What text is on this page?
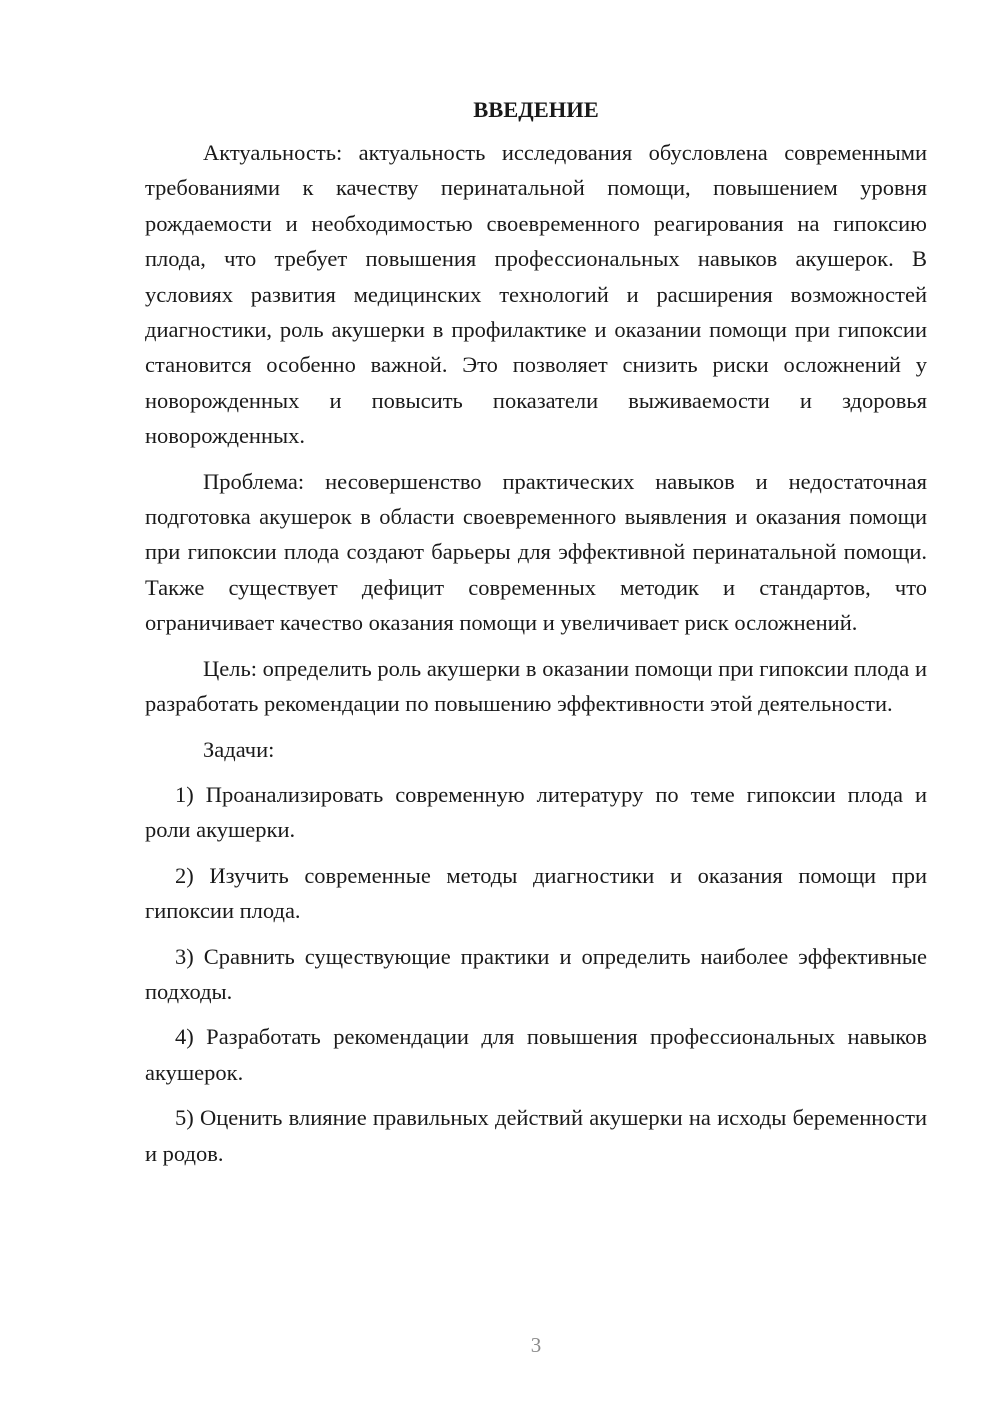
ВВЕДЕНИЕ

Актуальность: актуальность исследования обусловлена современными требованиями к качеству перинатальной помощи, повышением уровня рождаемости и необходимостью своевременного реагирования на гипоксию плода, что требует повышения профессиональных навыков акушерок. В условиях развития медицинских технологий и расширения возможностей диагностики, роль акушерки в профилактике и оказании помощи при гипоксии становится особенно важной. Это позволяет снизить риски осложнений у новорожденных и повысить показатели выживаемости и здоровья новорожденных.

Проблема: несовершенство практических навыков и недостаточная подготовка акушерок в области своевременного выявления и оказания помощи при гипоксии плода создают барьеры для эффективной перинатальной помощи. Также существует дефицит современных методик и стандартов, что ограничивает качество оказания помощи и увеличивает риск осложнений.

Цель: определить роль акушерки в оказании помощи при гипоксии плода и разработать рекомендации по повышению эффективности этой деятельности.

Задачи:

1) Проанализировать современную литературу по теме гипоксии плода и роли акушерки.

2) Изучить современные методы диагностики и оказания помощи при гипоксии плода.

3) Сравнить существующие практики и определить наиболее эффективные подходы.

4) Разработать рекомендации для повышения профессиональных навыков акушерок.

5) Оценить влияние правильных действий акушерки на исходы беременности и родов.

3
